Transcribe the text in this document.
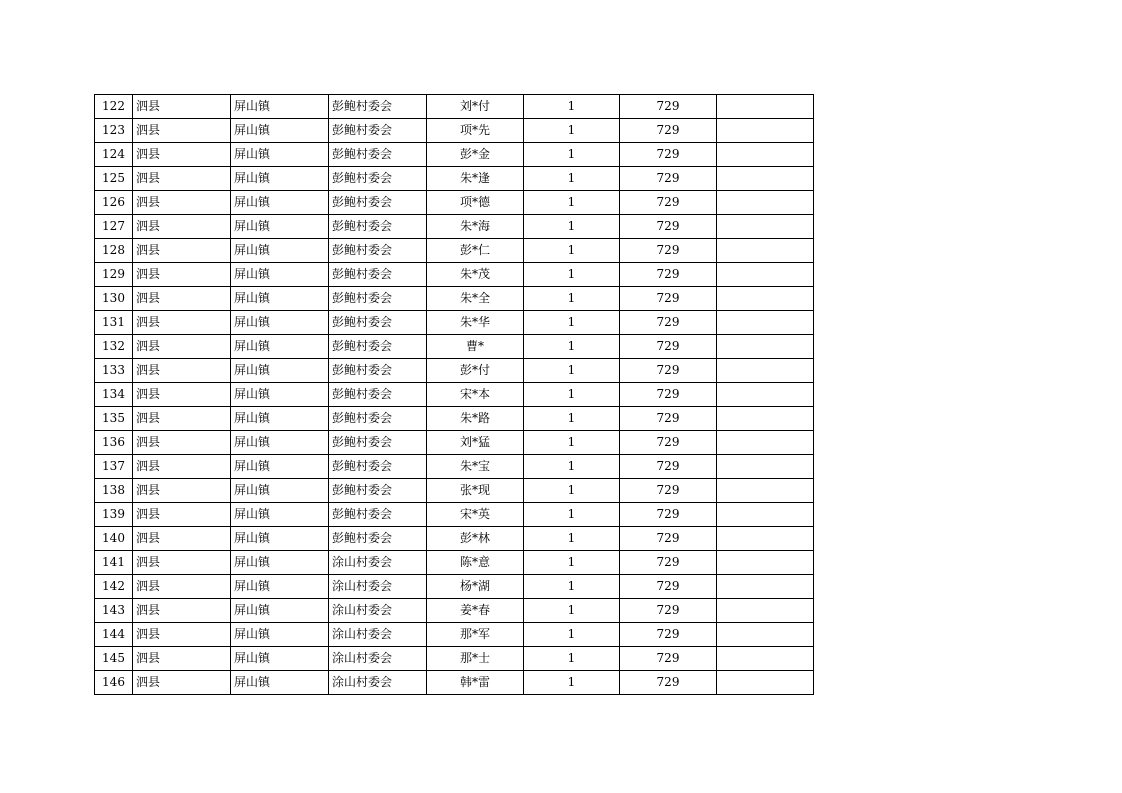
122	泗县	屏山镇	彭鲍村委会	刘*付	1	729	
123	泗县	屏山镇	彭鲍村委会	项*先	1	729	
124	泗县	屏山镇	彭鲍村委会	彭*金	1	729	
125	泗县	屏山镇	彭鲍村委会	朱*逢	1	729	
126	泗县	屏山镇	彭鲍村委会	项*德	1	729	
127	泗县	屏山镇	彭鲍村委会	朱*海	1	729	
128	泗县	屏山镇	彭鲍村委会	彭*仁	1	729	
129	泗县	屏山镇	彭鲍村委会	朱*茂	1	729	
130	泗县	屏山镇	彭鲍村委会	朱*全	1	729	
131	泗县	屏山镇	彭鲍村委会	朱*华	1	729	
132	泗县	屏山镇	彭鲍村委会	曹*	1	729	
133	泗县	屏山镇	彭鲍村委会	彭*付	1	729	
134	泗县	屏山镇	彭鲍村委会	宋*本	1	729	
135	泗县	屏山镇	彭鲍村委会	朱*路	1	729	
136	泗县	屏山镇	彭鲍村委会	刘*猛	1	729	
137	泗县	屏山镇	彭鲍村委会	朱*宝	1	729	
138	泗县	屏山镇	彭鲍村委会	张*现	1	729	
139	泗县	屏山镇	彭鲍村委会	宋*英	1	729	
140	泗县	屏山镇	彭鲍村委会	彭*林	1	729	
141	泗县	屏山镇	涂山村委会	陈*意	1	729	
142	泗县	屏山镇	涂山村委会	杨*湖	1	729	
143	泗县	屏山镇	涂山村委会	姜*春	1	729	
144	泗县	屏山镇	涂山村委会	那*军	1	729	
145	泗县	屏山镇	涂山村委会	那*士	1	729	
146	泗县	屏山镇	涂山村委会	韩*雷	1	729	
